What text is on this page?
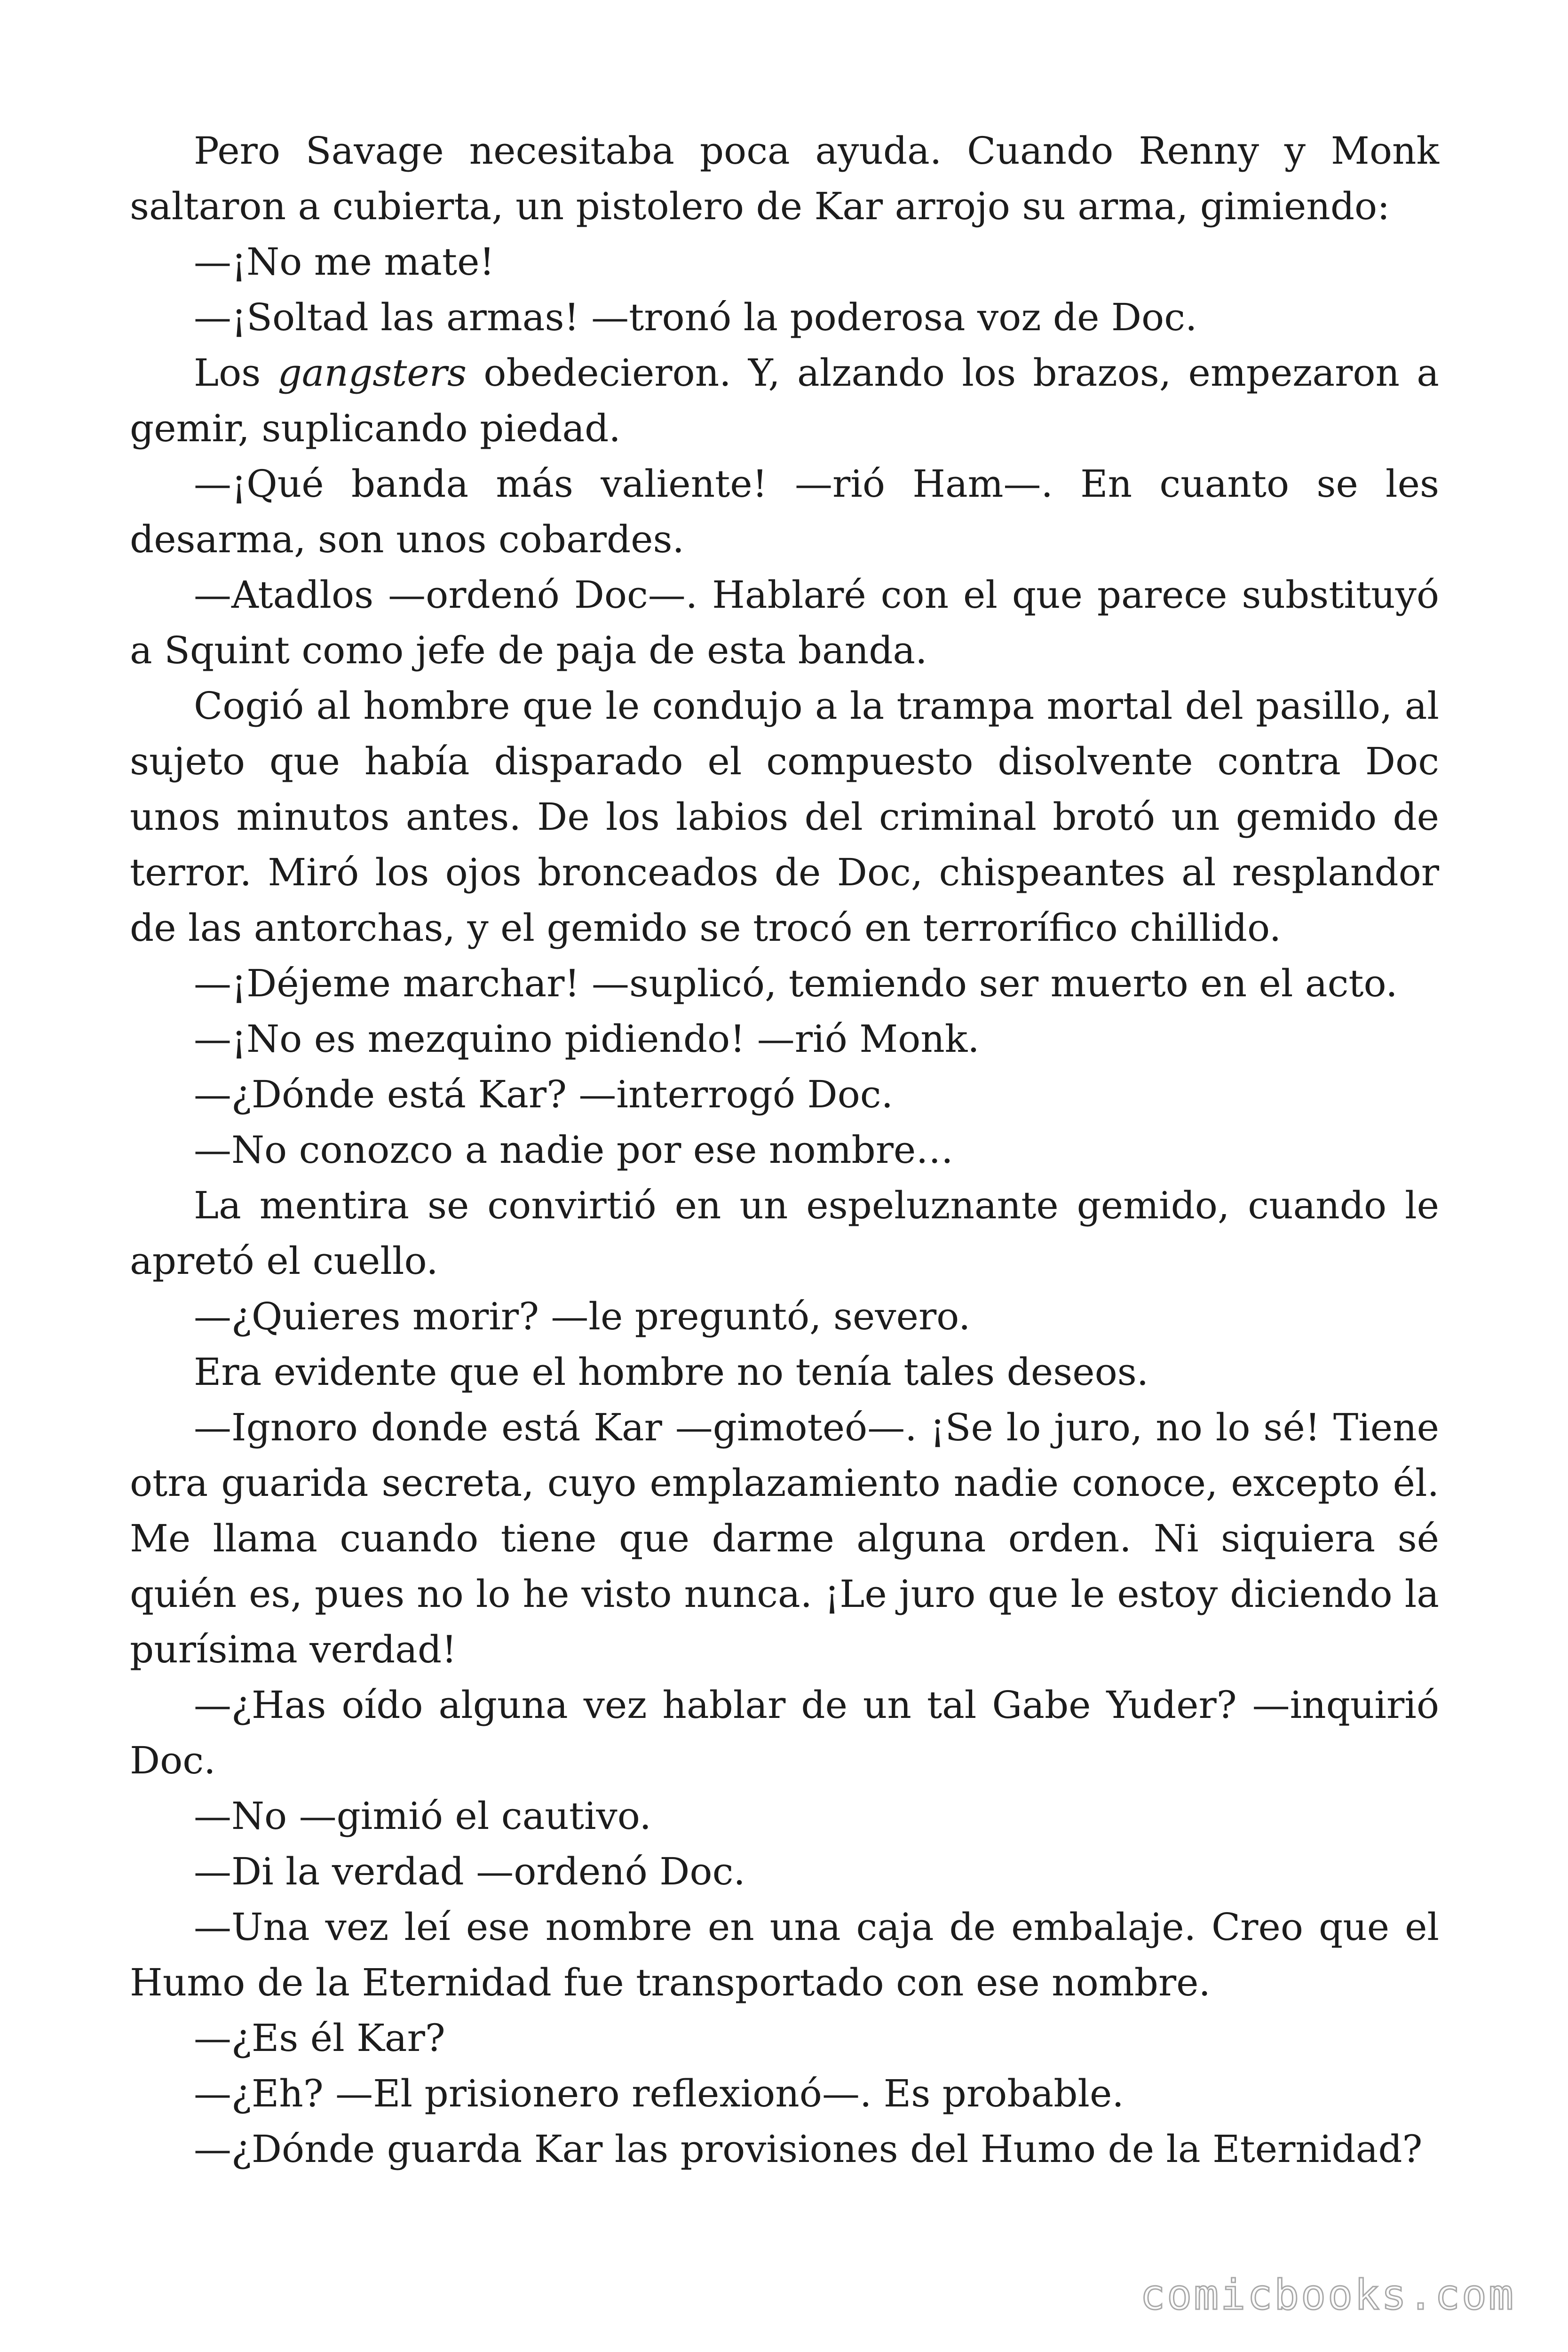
Pero Savage necesitaba poca ayuda. Cuando Renny y Monk saltaron a cubierta, un pistolero de Kar arrojo su arma, gimiendo:

—¡No me mate!

—¡Soltad las armas! —tronó la poderosa voz de Doc.

Los gangsters obedecieron. Y, alzando los brazos, empezaron a gemir, suplicando piedad.

—¡Qué banda más valiente! —rió Ham—. En cuanto se les desarma, son unos cobardes.

—Atadlos —ordenó Doc—. Hablaré con el que parece substituyó a Squint como jefe de paja de esta banda.

Cogió al hombre que le condujo a la trampa mortal del pasillo, al sujeto que había disparado el compuesto disolvente contra Doc unos minutos antes. De los labios del criminal brotó un gemido de terror. Miró los ojos bronceados de Doc, chispeantes al resplandor de las antorchas, y el gemido se trocó en terrorífico chillido.

—¡Déjeme marchar! —suplicó, temiendo ser muerto en el acto.

—¡No es mezquino pidiendo! —rió Monk.

—¿Dónde está Kar? —interrogó Doc.

—No conozco a nadie por ese nombre…

La mentira se convirtió en un espeluznante gemido, cuando le apretó el cuello.

—¿Quieres morir? —le preguntó, severo.

Era evidente que el hombre no tenía tales deseos.

—Ignoro donde está Kar —gimoteó—. ¡Se lo juro, no lo sé! Tiene otra guarida secreta, cuyo emplazamiento nadie conoce, excepto él. Me llama cuando tiene que darme alguna orden. Ni siquiera sé quién es, pues no lo he visto nunca. ¡Le juro que le estoy diciendo la purísima verdad!

—¿Has oído alguna vez hablar de un tal Gabe Yuder? —inquirió Doc.

—No —gimió el cautivo.

—Di la verdad —ordenó Doc.

—Una vez leí ese nombre en una caja de embalaje. Creo que el Humo de la Eternidad fue transportado con ese nombre.

—¿Es él Kar?

—¿Eh? —El prisionero reflexionó—. Es probable.

—¿Dónde guarda Kar las provisiones del Humo de la Eternidad?

comicbooks.com
